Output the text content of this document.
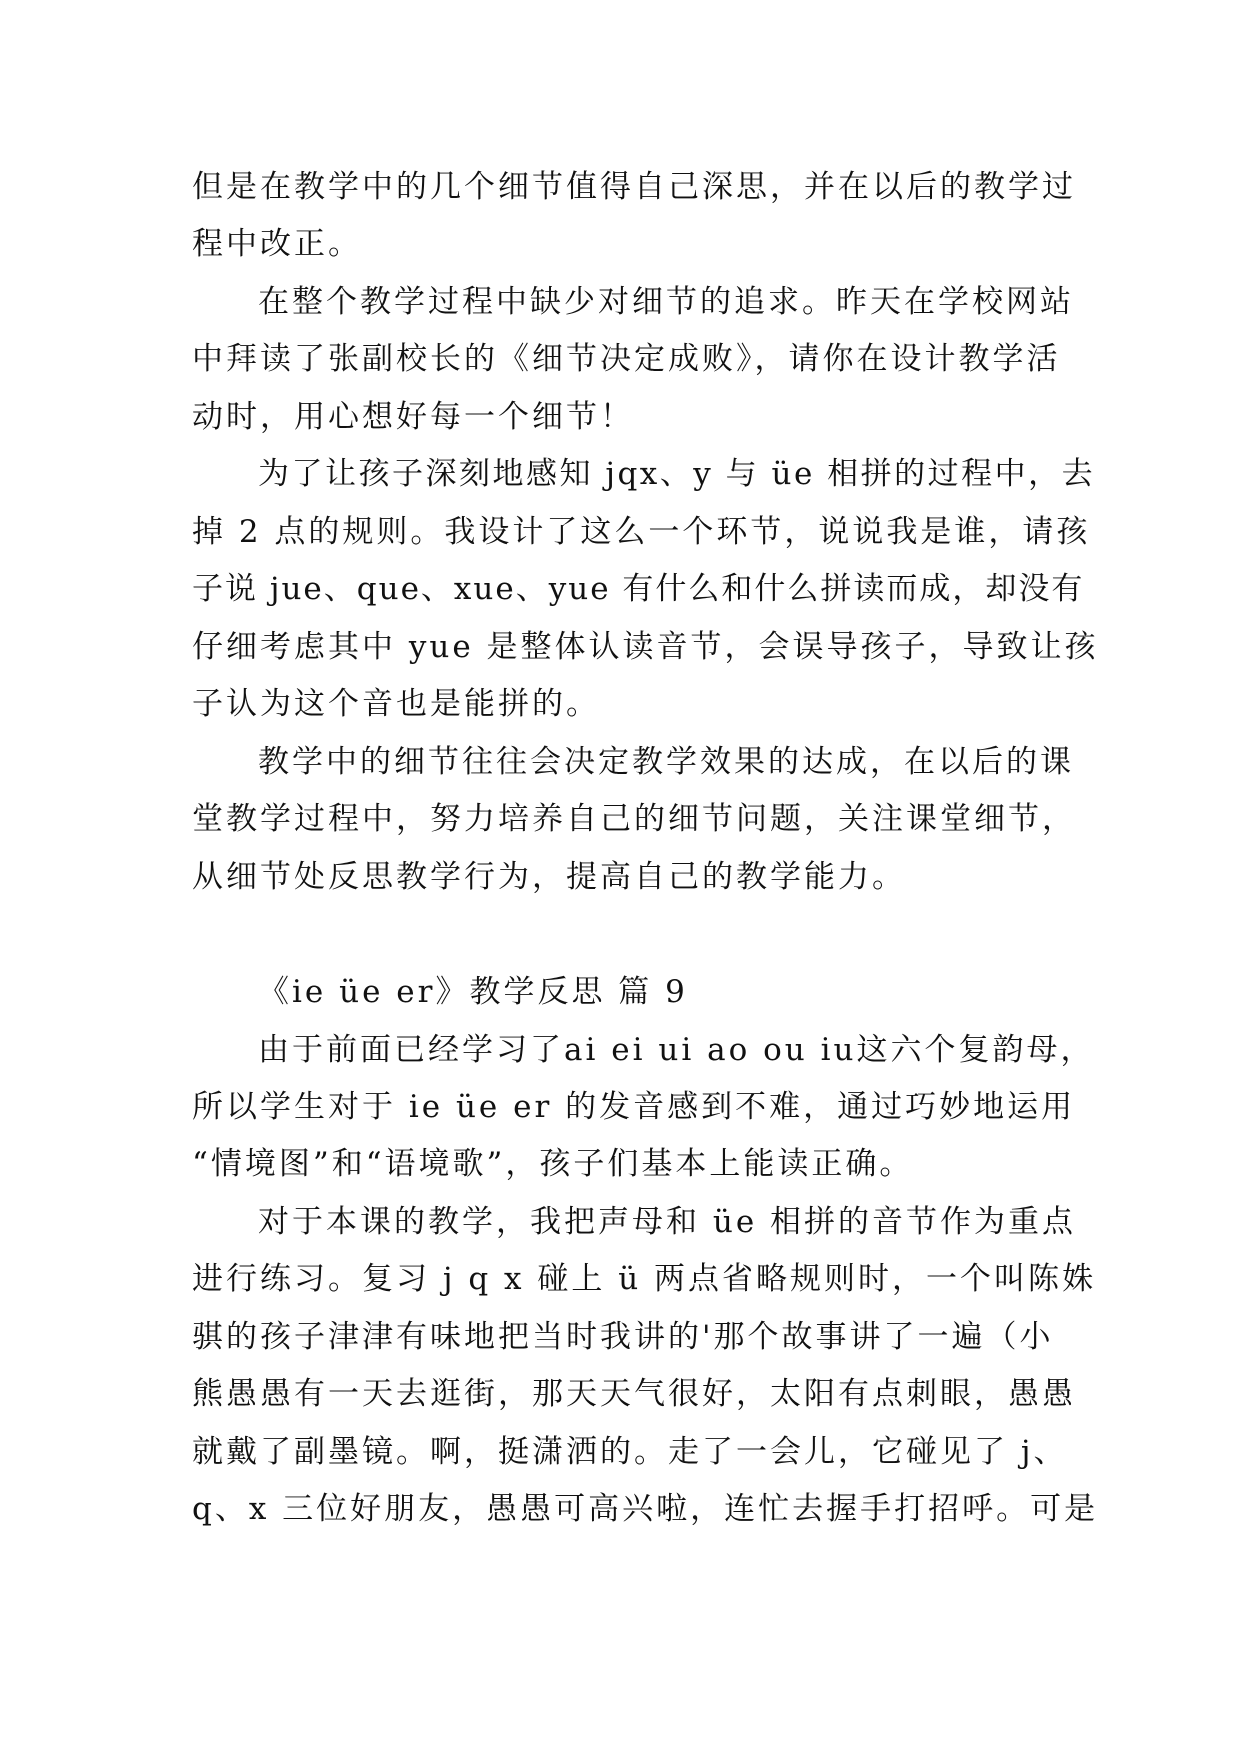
但是在教学中的几个细节值得自己深思，并在以后的教学过
程中改正。
在整个教学过程中缺少对细节的追求。昨天在学校网站
中拜读了张副校长的《细节决定成败》，请你在设计教学活
动时，用心想好每一个细节！
为了让孩子深刻地感知 jqx、y 与 üe 相拼的过程中，去
掉 2 点的规则。我设计了这么一个环节，说说我是谁，请孩
子说 jue、que、xue、yue 有什么和什么拼读而成，却没有
仔细考虑其中 yue 是整体认读音节，会误导孩子，导致让孩
子认为这个音也是能拼的。
教学中的细节往往会决定教学效果的达成，在以后的课
堂教学过程中，努力培养自己的细节问题，关注课堂细节，
从细节处反思教学行为，提高自己的教学能力。
《ie üe er》教学反思 篇 9
由于前面已经学习了ai ei ui ao ou iu这六个复韵母，
所以学生对于 ie üe er 的发音感到不难，通过巧妙地运用
“情境图”和“语境歌”，孩子们基本上能读正确。
对于本课的教学，我把声母和 üe 相拼的音节作为重点
进行练习。复习 j q x 碰上 ü 两点省略规则时，一个叫陈姝
骐的孩子津津有味地把当时我讲的'那个故事讲了一遍（小
熊愚愚有一天去逛街，那天天气很好，太阳有点刺眼，愚愚
就戴了副墨镜。啊，挺潇洒的。走了一会儿，它碰见了 j、
q、x 三位好朋友，愚愚可高兴啦，连忙去握手打招呼。可是
